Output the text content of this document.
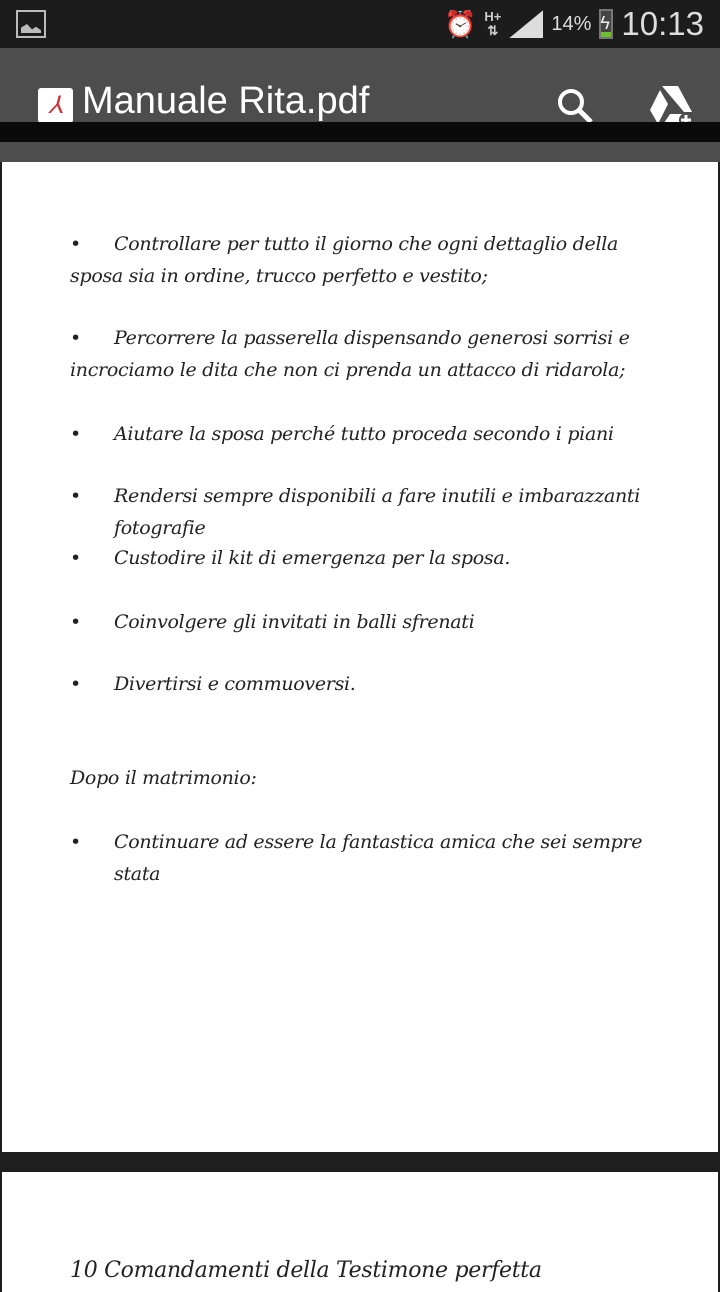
⏰ H+
⇅	14% ϟ 10:13
⅄ Manuale Rita.pdf
• Controllare per tutto il giorno che ogni dettaglio della sposa sia in ordine, trucco perfetto e vestito;
• Percorrere la passerella dispensando generosi sorrisi e incrociamo le dita che non ci prenda un attacco di ridarola;
•	Aiutare la sposa perché tutto proceda secondo i piani
•	Rendersi sempre disponibili a fare inutili e imbarazzanti fotografie
•	Custodire il kit di emergenza per la sposa.
•	Coinvolgere gli invitati in balli sfrenati
•	Divertirsi e commuoversi.
Dopo il matrimonio:
•	Continuare ad essere la fantastica amica che sei sempre stata
10 Comandamenti della Testimone perfetta
